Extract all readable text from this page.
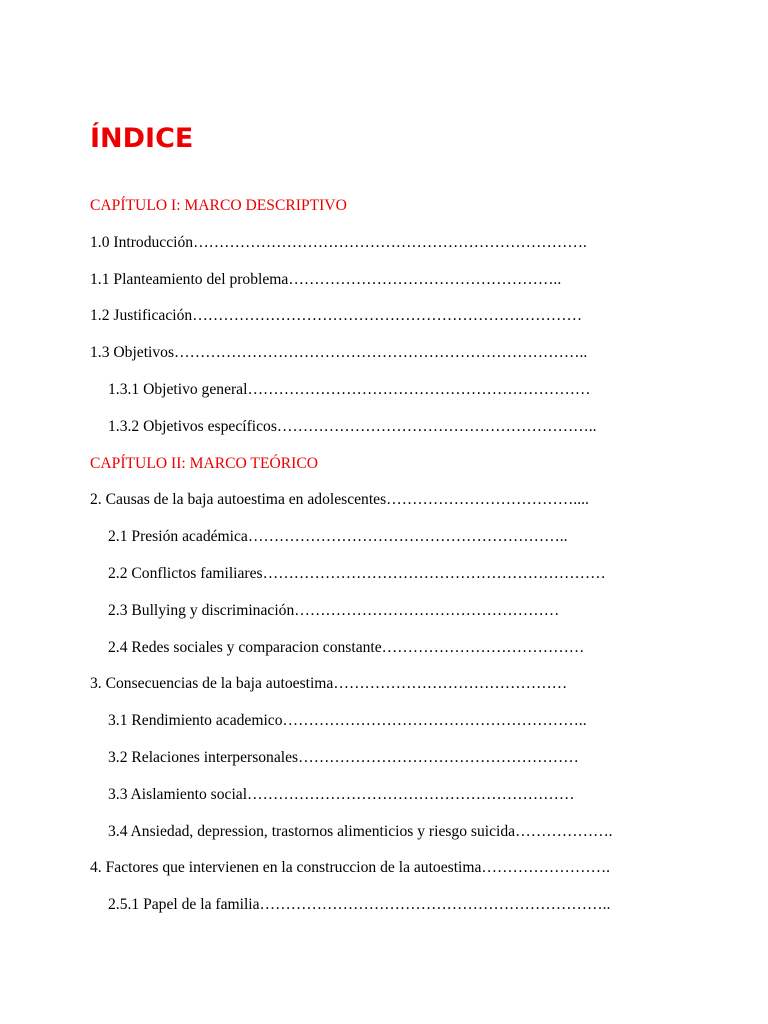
ÍNDICE
CAPÍTULO I: MARCO DESCRIPTIVO
1.0 Introducción………………………………………………………………….
1.1 Planteamiento del problema……………………………………………..
1.2 Justificación…………………………………………………………………
1.3 Objetivos……………………………………………………………………..
1.3.1 Objetivo general…………………………………………………………
1.3.2 Objetivos específicos……………………………………………………..
CAPÍTULO II: MARCO TEÓRICO
2. Causas de la baja autoestima en adolescentes………………………………....
2.1 Presión académica……………………………………………………..
2.2 Conflictos familiares…………………………………………………………
2.3 Bullying y discriminación……………………………………………
2.4 Redes sociales y comparacion constante…………………………………
3. Consecuencias de la baja autoestima………………………………………
3.1 Rendimiento academico…………………………………………………..
3.2 Relaciones interpersonales………………………………………………
3.3 Aislamiento social………………………………………………………
3.4 Ansiedad, depression, trastornos alimenticios y riesgo suicida……………….
4. Factores que intervienen en la construccion de la autoestima…………………….
2.5.1 Papel de la familia…………………………………………………………..
